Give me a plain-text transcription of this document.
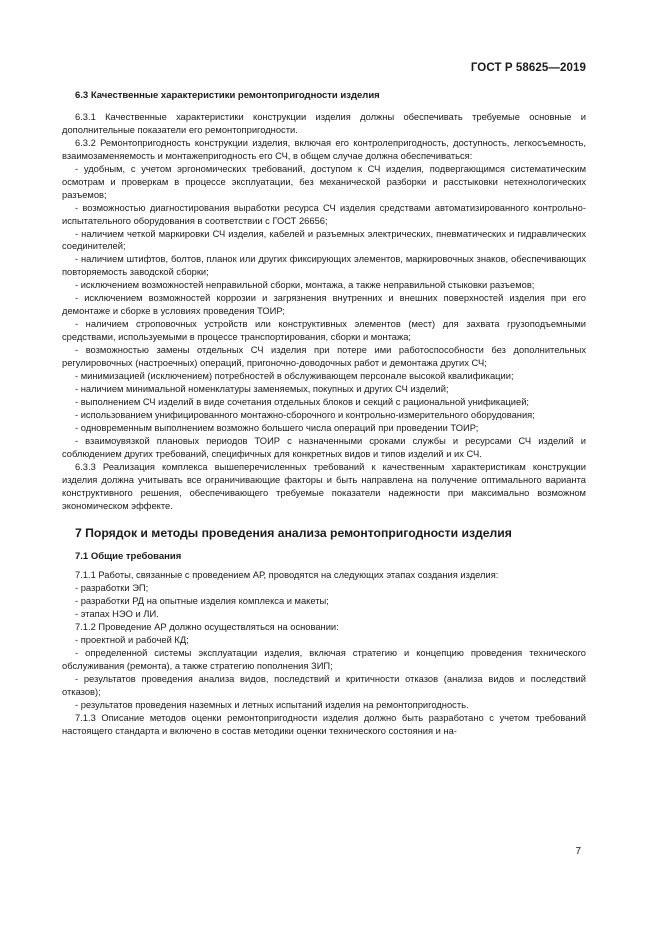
ГОСТ Р 58625—2019
6.3 Качественные характеристики ремонтопригодности изделия

6.3.1 Качественные характеристики конструкции изделия должны обеспечивать требуемые основные и дополнительные показатели его ремонтопригодности.

6.3.2 Ремонтопригодность конструкции изделия, включая его контролепригодность, доступность, легкосъемность, взаимозаменяемость и монтажепригодность его СЧ, в общем случае должна обеспечиваться:

- удобным, с учетом эргономических требований, доступом к СЧ изделия, подвергающимся систематическим осмотрам и проверкам в процессе эксплуатации, без механической разборки и расстыковки нетехнологических разъемов;

- возможностью диагностирования выработки ресурса СЧ изделия средствами автоматизированного контрольно-испытательного оборудования в соответствии с ГОСТ 26656;

- наличием четкой маркировки СЧ изделия, кабелей и разъемных электрических, пневматических и гидравлических соединителей;

- наличием штифтов, болтов, планок или других фиксирующих элементов, маркировочных знаков, обеспечивающих повторяемость заводской сборки;

- исключением возможностей неправильной сборки, монтажа, а также неправильной стыковки разъемов;

- исключением возможностей коррозии и загрязнения внутренних и внешних поверхностей изделия при его демонтаже и сборке в условиях проведения ТОИР;

- наличием строповочных устройств или конструктивных элементов (мест) для захвата грузоподъемными средствами, используемыми в процессе транспортирования, сборки и монтажа;

- возможностью замены отдельных СЧ изделия при потере ими работоспособности без дополнительных регулировочных (настроечных) операций, пригоночно-доводочных работ и демонтажа других СЧ;

- минимизацией (исключением) потребностей в обслуживающем персонале высокой квалификации;

- наличием минимальной номенклатуры заменяемых, покупных и других СЧ изделий;

- выполнением СЧ изделий в виде сочетания отдельных блоков и секций с рациональной унификацией;

- использованием унифицированного монтажно-сборочного и контрольно-измерительного оборудования;

- одновременным выполнением возможно большего числа операций при проведении ТОИР;

- взаимоувязкой плановых периодов ТОИР с назначенными сроками службы и ресурсами СЧ изделий и соблюдением других требований, специфичных для конкретных видов и типов изделий и их СЧ.

6.3.3 Реализация комплекса вышеперечисленных требований к качественным характеристикам конструкции изделия должна учитывать все ограничивающие факторы и быть направлена на получение оптимального варианта конструктивного решения, обеспечивающего требуемые показатели надежности при максимально возможном экономическом эффекте.

7 Порядок и методы проведения анализа ремонтопригодности изделия
7.1 Общие требования

7.1.1 Работы, связанные с проведением АР, проводятся на следующих этапах создания изделия:

- разработки ЭП;

- разработки РД на опытные изделия комплекса и макеты;

- этапах НЭО и ЛИ.

7.1.2 Проведение АР должно осуществляться на основании:

- проектной и рабочей КД;

- определенной системы эксплуатации изделия, включая стратегию и концепцию проведения технического обслуживания (ремонта), а также стратегию пополнения ЗИП;

- результатов проведения анализа видов, последствий и критичности отказов (анализа видов и последствий отказов);

- результатов проведения наземных и летных испытаний изделия на ремонтопригодность.

7.1.3 Описание методов оценки ремонтопригодности изделия должно быть разработано с учетом требований настоящего стандарта и включено в состав методики оценки технического состояния и на-

7
